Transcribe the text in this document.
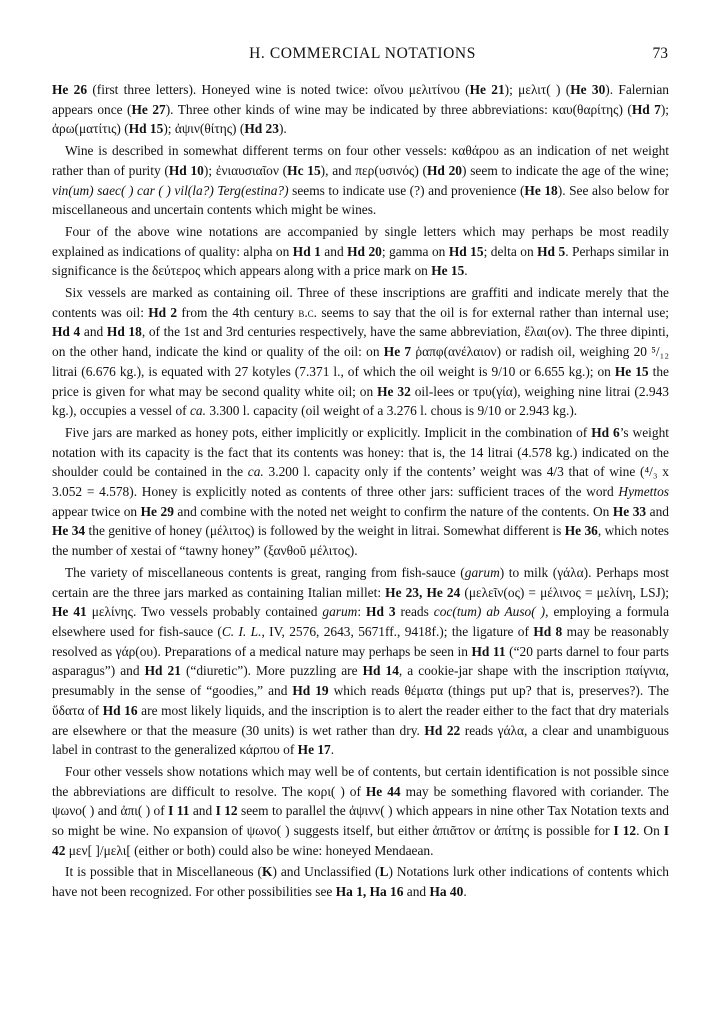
H. COMMERCIAL NOTATIONS	73

He 26 (first three letters). Honeyed wine is noted twice: οἴνου μελιτίνου (He 21); μελιτ( ) (He 30). Falernian appears once (He 27). Three other kinds of wine may be indicated by three abbreviations: καυ(θαρίτης) (Hd 7); ἀρω(ματίτις) (Hd 15); ἀψιν(θίτης) (Hd 23).

Wine is described in somewhat different terms on four other vessels: καθάρου as an indication of net weight rather than of purity (Hd 10); ἐνιαυσιαῖον (Hc 15), and περ(υσινός) (Hd 20) seem to indicate the age of the wine; vin(um) saec( ) car ( ) vil(la?) Terg(estina?) seems to indicate use (?) and provenience (He 18). See also below for miscellaneous and uncertain contents which might be wines.

Four of the above wine notations are accompanied by single letters which may perhaps be most readily explained as indications of quality: alpha on Hd 1 and Hd 20; gamma on Hd 15; delta on Hd 5. Perhaps similar in significance is the δεύτερος which appears along with a price mark on He 15.

Six vessels are marked as containing oil. Three of these inscriptions are graffiti and indicate merely that the contents was oil: Hd 2 from the 4th century b.c. seems to say that the oil is for external rather than internal use; Hd 4 and Hd 18, of the 1st and 3rd centuries respectively, have the same abbreviation, ἔλαι(ον). The three dipinti, on the other hand, indicate the kind or quality of the oil: on He 7 ῥαπφ(ανέλαιον) or radish oil, weighing 20 ⁵/₁₂ litrai (6.676 kg.), is equated with 27 kotyles (7.371 l., of which the oil weight is 9/10 or 6.655 kg.); on He 15 the price is given for what may be second quality white oil; on He 32 oil-lees or τρυ(γία), weighing nine litrai (2.943 kg.), occupies a vessel of ca. 3.300 l. capacity (oil weight of a 3.276 l. chous is 9/10 or 2.943 kg.).

Five jars are marked as honey pots, either implicitly or explicitly. Implicit in the combination of Hd 6’s weight notation with its capacity is the fact that its contents was honey: that is, the 14 litrai (4.578 kg.) indicated on the shoulder could be contained in the ca. 3.200 l. capacity only if the contents’ weight was 4/3 that of wine (⁴/₃ x 3.052 = 4.578). Honey is explicitly noted as contents of three other jars: sufficient traces of the word Hymettos appear twice on He 29 and combine with the noted net weight to confirm the nature of the contents. On He 33 and He 34 the genitive of honey (μέλιτος) is followed by the weight in litrai. Somewhat different is He 36, which notes the number of xestai of “tawny honey” (ξανθοῦ μέλιτος).

The variety of miscellaneous contents is great, ranging from fish-sauce (garum) to milk (γάλα). Perhaps most certain are the three jars marked as containing Italian millet: He 23, He 24 (μελεῖν(ος) = μέλινος = μελίνη, LSJ); He 41 μελίνης. Two vessels probably contained garum: Hd 3 reads coc(tum) ab Auso( ), employing a formula elsewhere used for fish-sauce (C. I. L., IV, 2576, 2643, 5671ff., 9418f.); the ligature of Hd 8 may be reasonably resolved as γάρ(ου). Preparations of a medical nature may perhaps be seen in Hd 11 (“20 parts darnel to four parts asparagus”) and Hd 21 (“diuretic”). More puzzling are Hd 14, a cookie-jar shape with the inscription παίγνια, presumably in the sense of “goodies,” and Hd 19 which reads θέματα (things put up? that is, preserves?). The ὕδατα of Hd 16 are most likely liquids, and the inscription is to alert the reader either to the fact that dry materials are elsewhere or that the measure (30 units) is wet rather than dry. Hd 22 reads γάλα, a clear and unambiguous label in contrast to the generalized κάρπου of He 17.

Four other vessels show notations which may well be of contents, but certain identification is not possible since the abbreviations are difficult to resolve. The κορι( ) of He 44 may be something flavored with coriander. The ψωνο( ) and ἀπι( ) of I 11 and I 12 seem to parallel the ἀψινν( ) which appears in nine other Tax Notation texts and so might be wine. No expansion of ψωνο( ) suggests itself, but either ἀπιᾶτον or ἀπίτης is possible for I 12. On I 42 μεν[ ]/μελι[ (either or both) could also be wine: honeyed Mendaean.

It is possible that in Miscellaneous (K) and Unclassified (L) Notations lurk other indications of contents which have not been recognized. For other possibilities see Ha 1, Ha 16 and Ha 40.
